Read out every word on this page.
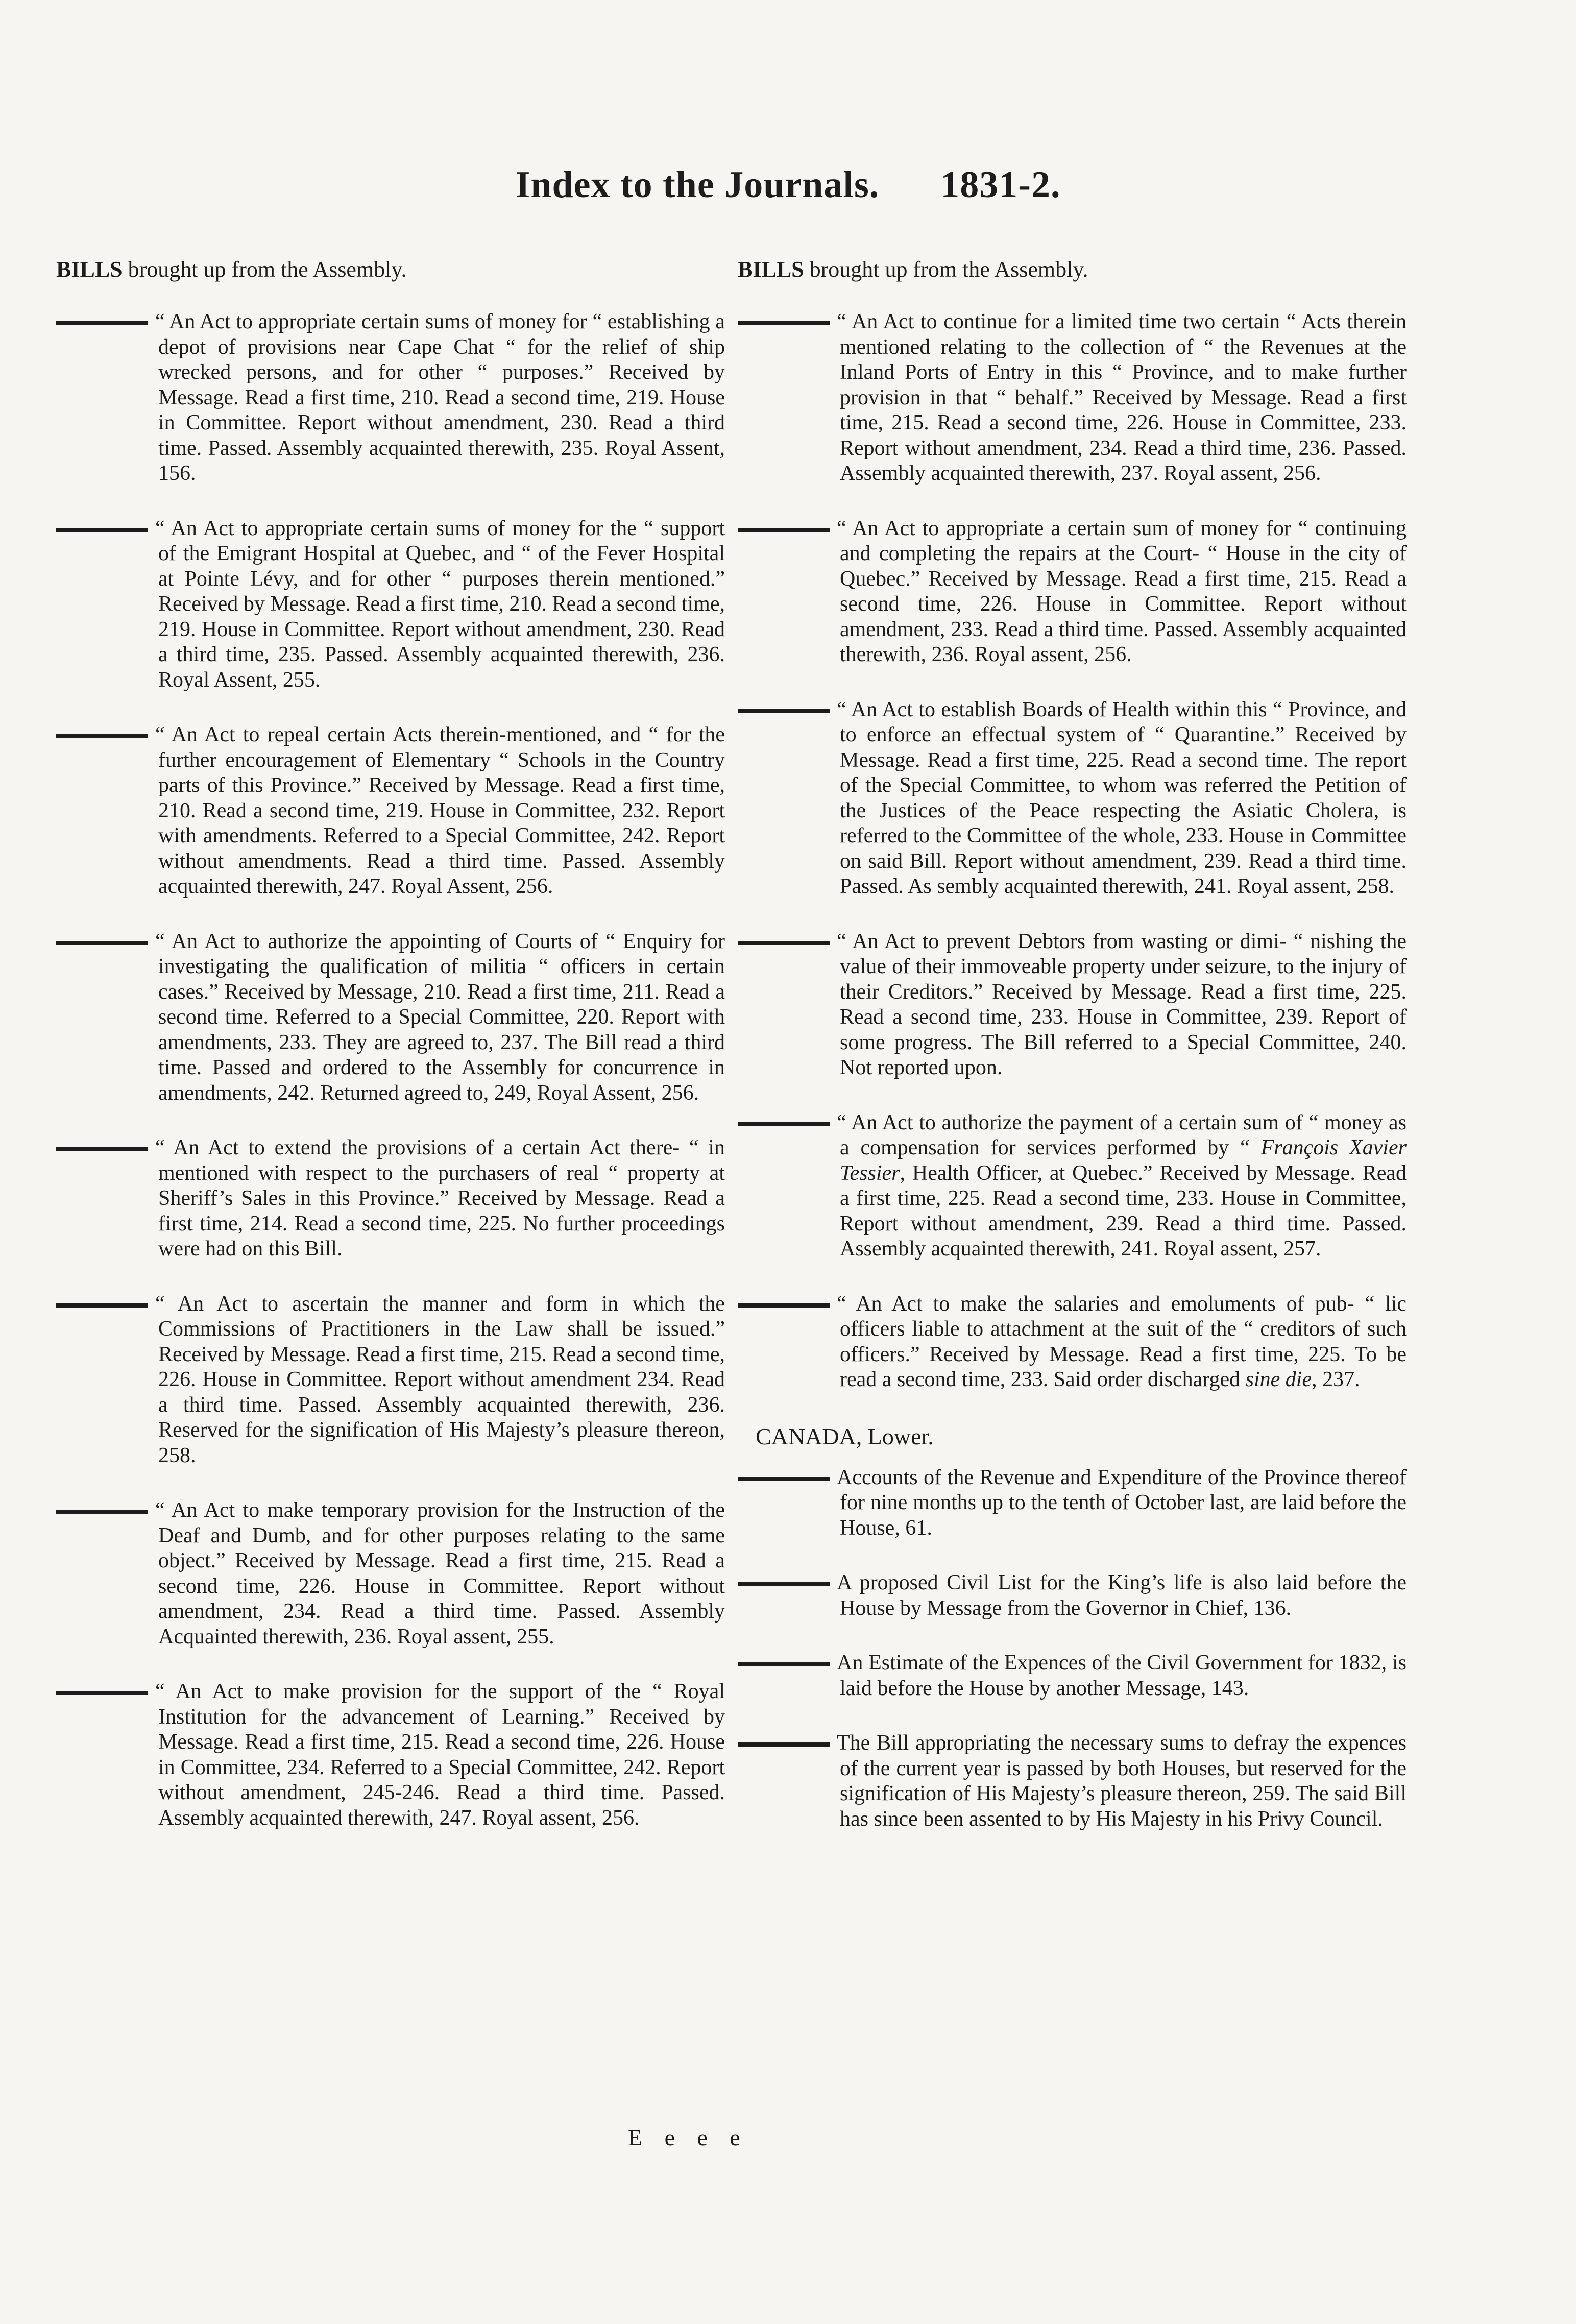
Index to the Journals. 1831-2.
BILLS brought up from the Assembly.

“ An Act to appropriate certain sums of money for “ establishing a depot of provisions near Cape Chat “ for the relief of ship wrecked persons, and for other “ purposes.” Received by Message. Read a first time, 210. Read a second time, 219. House in Committee. Report without amendment, 230. Read a third time. Passed. Assembly acquainted therewith, 235. Royal Assent, 156.

“ An Act to appropriate certain sums of money for the “ support of the Emigrant Hospital at Quebec, and “ of the Fever Hospital at Pointe Lévy, and for other “ purposes therein mentioned.” Received by Message. Read a first time, 210. Read a second time, 219. House in Committee. Report without amendment, 230. Read a third time, 235. Passed. Assembly acquainted therewith, 236. Royal Assent, 255.

“ An Act to repeal certain Acts therein-mentioned, and “ for the further encouragement of Elementary “ Schools in the Country parts of this Province.” Received by Message. Read a first time, 210. Read a second time, 219. House in Committee, 232. Report with amendments. Referred to a Special Committee, 242. Report without amendments. Read a third time. Passed. Assembly acquainted therewith, 247. Royal Assent, 256.

“ An Act to authorize the appointing of Courts of “ Enquiry for investigating the qualification of militia “ officers in certain cases.” Received by Message, 210. Read a first time, 211. Read a second time. Referred to a Special Committee, 220. Report with amendments, 233. They are agreed to, 237. The Bill read a third time. Passed and ordered to the Assembly for concurrence in amendments, 242. Returned agreed to, 249, Royal Assent, 256.

“ An Act to extend the provisions of a certain Act there- “ in mentioned with respect to the purchasers of real “ property at Sheriff’s Sales in this Province.” Received by Message. Read a first time, 214. Read a second time, 225. No further proceedings were had on this Bill.

“ An Act to ascertain the manner and form in which the Commissions of Practitioners in the Law shall be issued.” Received by Message. Read a first time, 215. Read a second time, 226. House in Committee. Report without amendment 234. Read a third time. Passed. Assembly acquainted therewith, 236. Reserved for the signification of His Majesty’s pleasure thereon, 258.

“ An Act to make temporary provision for the Instruction of the Deaf and Dumb, and for other purposes relating to the same object.” Received by Message. Read a first time, 215. Read a second time, 226. House in Committee. Report without amendment, 234. Read a third time. Passed. Assembly Acquainted therewith, 236. Royal assent, 255.

“ An Act to make provision for the support of the “ Royal Institution for the advancement of Learning.” Received by Message. Read a first time, 215. Read a second time, 226. House in Committee, 234. Referred to a Special Committee, 242. Report without amendment, 245-246. Read a third time. Passed. Assembly acquainted therewith, 247. Royal assent, 256.

BILLS brought up from the Assembly.

“ An Act to continue for a limited time two certain “ Acts therein mentioned relating to the collection of “ the Revenues at the Inland Ports of Entry in this “ Province, and to make further provision in that “ behalf.” Received by Message. Read a first time, 215. Read a second time, 226. House in Committee, 233. Report without amendment, 234. Read a third time, 236. Passed. Assembly acquainted therewith, 237. Royal assent, 256.

“ An Act to appropriate a certain sum of money for “ continuing and completing the repairs at the Court- “ House in the city of Quebec.” Received by Message. Read a first time, 215. Read a second time, 226. House in Committee. Report without amendment, 233. Read a third time. Passed. Assembly acquainted therewith, 236. Royal assent, 256.

“ An Act to establish Boards of Health within this “ Province, and to enforce an effectual system of “ Quarantine.” Received by Message. Read a first time, 225. Read a second time. The report of the Special Committee, to whom was referred the Petition of the Justices of the Peace respecting the Asiatic Cholera, is referred to the Committee of the whole, 233. House in Committee on said Bill. Report without amendment, 239. Read a third time. Passed. As sembly acquainted therewith, 241. Royal assent, 258.

“ An Act to prevent Debtors from wasting or dimi- “ nishing the value of their immoveable property under seizure, to the injury of their Creditors.” Received by Message. Read a first time, 225. Read a second time, 233. House in Committee, 239. Report of some progress. The Bill referred to a Special Committee, 240. Not reported upon.

“ An Act to authorize the payment of a certain sum of “ money as a compensation for services performed by “ François Xavier Tessier, Health Officer, at Quebec.” Received by Message. Read a first time, 225. Read a second time, 233. House in Committee, Report without amendment, 239. Read a third time. Passed. Assembly acquainted therewith, 241. Royal assent, 257.

“ An Act to make the salaries and emoluments of pub- “ lic officers liable to attachment at the suit of the “ creditors of such officers.” Received by Message. Read a first time, 225. To be read a second time, 233. Said order discharged sine die, 237.

CANADA, Lower.

Accounts of the Revenue and Expenditure of the Province thereof for nine months up to the tenth of October last, are laid before the House, 61.

A proposed Civil List for the King’s life is also laid before the House by Message from the Governor in Chief, 136.

An Estimate of the Expences of the Civil Government for 1832, is laid before the House by another Message, 143.

The Bill appropriating the necessary sums to defray the expences of the current year is passed by both Houses, but reserved for the signification of His Majesty’s pleasure thereon, 259. The said Bill has since been assented to by His Majesty in his Privy Council.

E e e e
